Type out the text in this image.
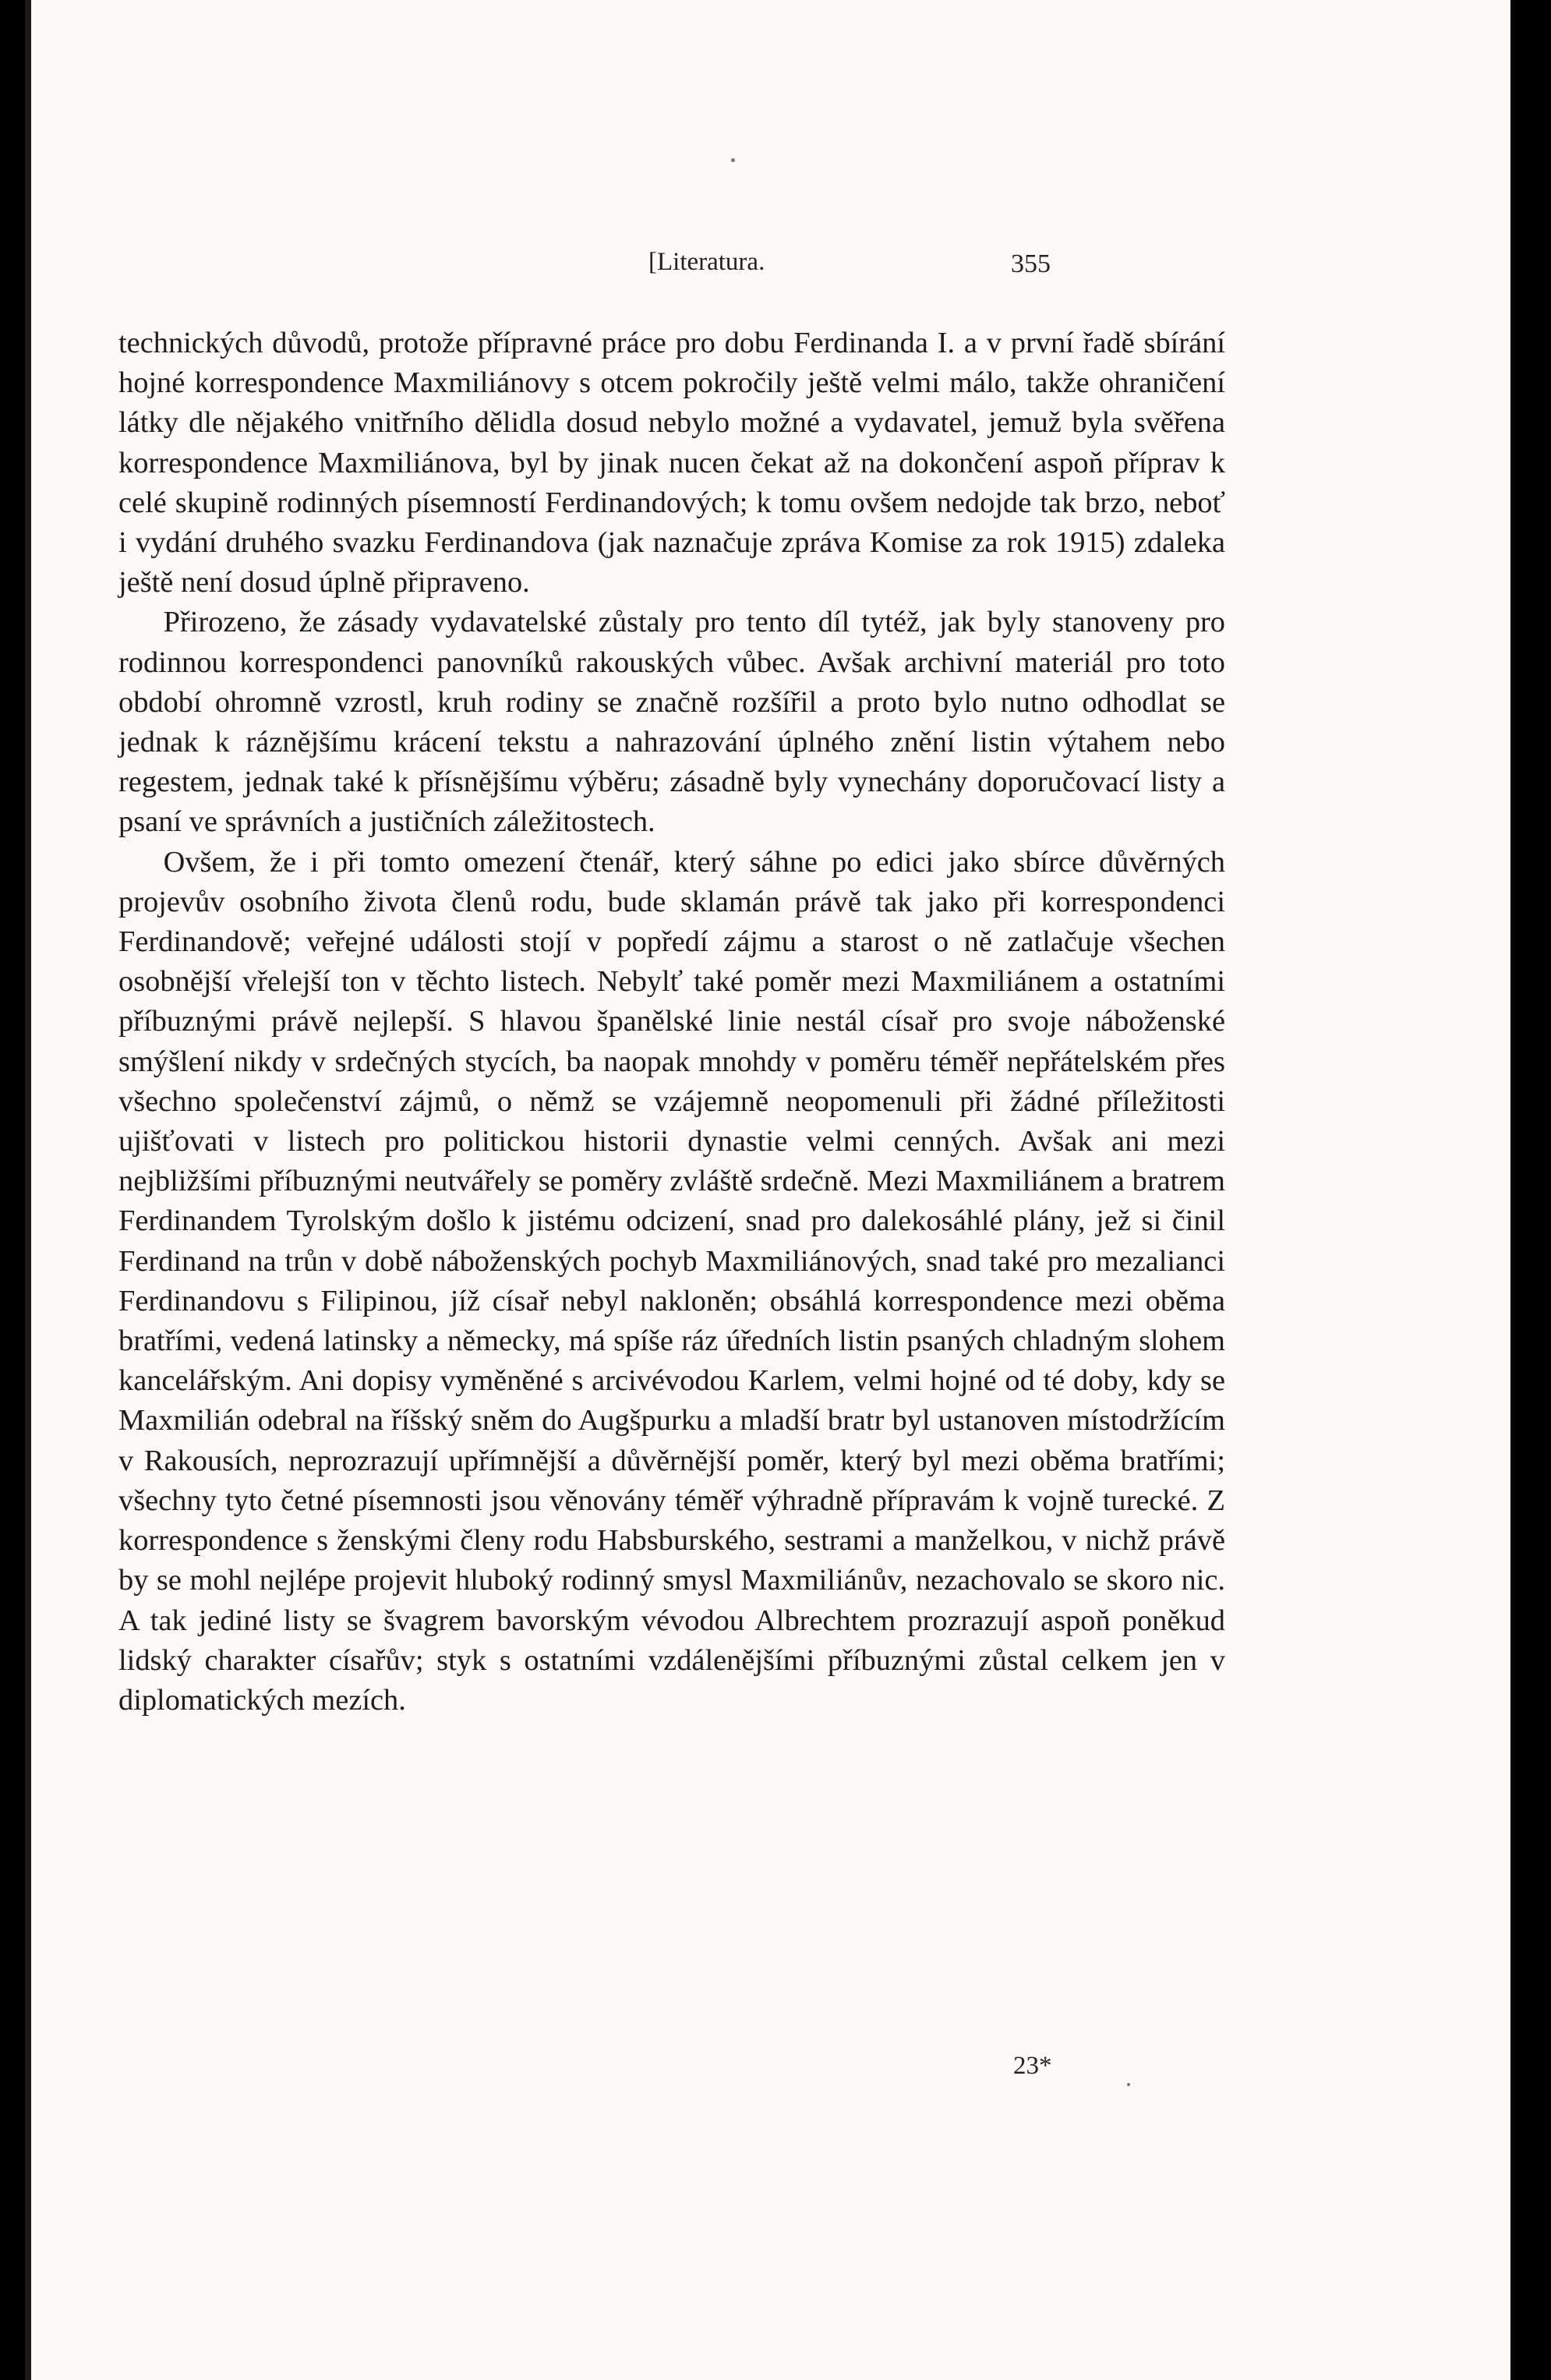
[Literatura.	355

technických důvodů, protože přípravné práce pro dobu Ferdinanda I. a v první řadě sbírání hojné korrespondence Maxmiliánovy s otcem pokročily ještě velmi málo, takže ohraničení látky dle nějakého vnitřního dělidla dosud nebylo možné a vydavatel, jemuž byla svěřena korrespondence Maxmiliánova, byl by jinak nucen čekat až na dokončení aspoň příprav k celé skupině rodinných písemností Ferdinandových; k tomu ovšem nedojde tak brzo, neboť i vydání druhého svazku Ferdinandova (jak naznačuje zpráva Komise za rok 1915) zdaleka ještě není dosud úplně připraveno.

Přirozeno, že zásady vydavatelské zůstaly pro tento díl tytéž, jak byly stanoveny pro rodinnou korrespondenci panovníků rakouských vůbec. Avšak archivní materiál pro toto období ohromně vzrostl, kruh rodiny se značně rozšířil a proto bylo nutno odhodlat se jednak k ráznějšímu krácení tekstu a nahrazování úplného znění listin výtahem nebo regestem, jednak také k přísnějšímu výběru; zásadně byly vynechány doporučovací listy a psaní ve správních a justičních záležitostech.

Ovšem, že i při tomto omezení čtenář, který sáhne po edici jako sbírce důvěrných projevův osobního života členů rodu, bude sklamán právě tak jako při korrespondenci Ferdinandově; veřejné události stojí v popředí zájmu a starost o ně zatlačuje všechen osobnější vřelejší ton v těchto listech. Nebylť také poměr mezi Maxmiliánem a ostatními příbuznými právě nejlepší. S hlavou španělské linie nestál císař pro svoje náboženské smýšlení nikdy v srdečných stycích, ba naopak mnohdy v poměru téměř nepřátelském přes všechno společenství zájmů, o němž se vzájemně neopomenuli při žádné příležitosti ujišťovati v listech pro politickou historii dynastie velmi cenných. Avšak ani mezi nejbližšími příbuznými neutvářely se poměry zvláště srdečně. Mezi Maxmiliánem a bratrem Ferdinandem Tyrolským došlo k jistému odcizení, snad pro dalekosáhlé plány, jež si činil Ferdinand na trůn v době náboženských pochyb Maxmiliánových, snad také pro mezalianci Ferdinandovu s Filipinou, jíž císař nebyl nakloněn; obsáhlá korrespondence mezi oběma bratřími, vedená latinsky a německy, má spíše ráz úředních listin psaných chladným slohem kancelářským. Ani dopisy vyměněné s arcivévodou Karlem, velmi hojné od té doby, kdy se Maxmilián odebral na říšský sněm do Augšpurku a mladší bratr byl ustanoven místodržícím v Rakousích, neprozrazují upřímnější a důvěrnější poměr, který byl mezi oběma bratřími; všechny tyto četné písemnosti jsou věnovány téměř výhradně přípravám k vojně turecké. Z korrespondence s ženskými členy rodu Habsburského, sestrami a manželkou, v nichž právě by se mohl nejlépe projevit hluboký rodinný smysl Maxmiliánův, nezachovalo se skoro nic. A tak jediné listy se švagrem bavorským vévodou Albrechtem prozrazují aspoň poněkud lidský charakter císařův; styk s ostatními vzdálenějšími příbuznými zůstal celkem jen v diplomatických mezích.

23*
